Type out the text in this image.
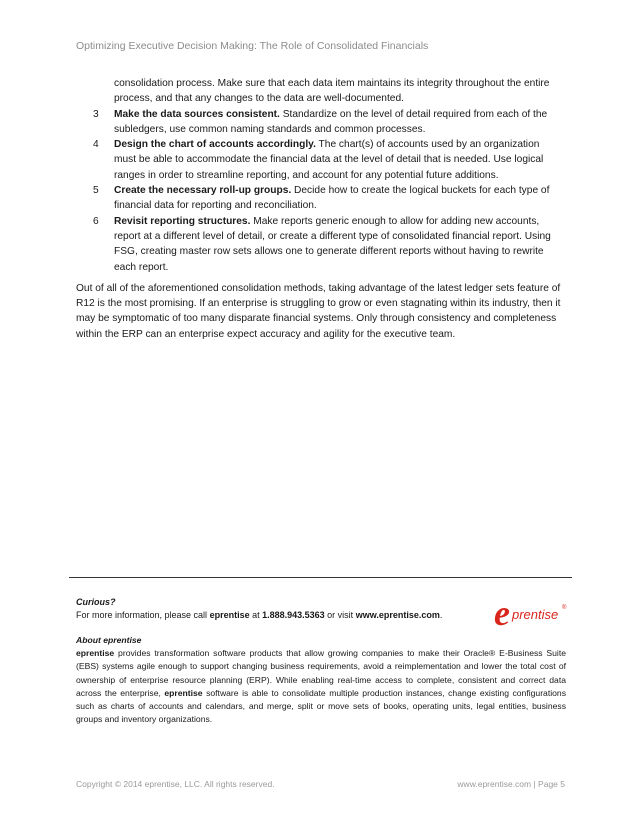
Optimizing Executive Decision Making: The Role of Consolidated Financials
consolidation process. Make sure that each data item maintains its integrity throughout the entire process, and that any changes to the data are well-documented.
3 Make the data sources consistent. Standardize on the level of detail required from each of the subledgers, use common naming standards and common processes.
4 Design the chart of accounts accordingly. The chart(s) of accounts used by an organization must be able to accommodate the financial data at the level of detail that is needed. Use logical ranges in order to streamline reporting, and account for any potential future additions.
5 Create the necessary roll-up groups. Decide how to create the logical buckets for each type of financial data for reporting and reconciliation.
6 Revisit reporting structures. Make reports generic enough to allow for adding new accounts, report at a different level of detail, or create a different type of consolidated financial report. Using FSG, creating master row sets allows one to generate different reports without having to rewrite each report.
Out of all of the aforementioned consolidation methods, taking advantage of the latest ledger sets feature of R12 is the most promising. If an enterprise is struggling to grow or even stagnating within its industry, then it may be symptomatic of too many disparate financial systems. Only through consistency and completeness within the ERP can an enterprise expect accuracy and agility for the executive team.
Curious?
For more information, please call eprentise at 1.888.943.5363 or visit www.eprentise.com.	e prentise ®
About eprentise
eprentise provides transformation software products that allow growing companies to make their Oracle® E-Business Suite (EBS) systems agile enough to support changing business requirements, avoid a reimplementation and lower the total cost of ownership of enterprise resource planning (ERP). While enabling real-time access to complete, consistent and correct data across the enterprise, eprentise software is able to consolidate multiple production instances, change existing configurations such as charts of accounts and calendars, and merge, split or move sets of books, operating units, legal entities, business groups and inventory organizations.
Copyright © 2014 eprentise, LLC. All rights reserved.	www.eprentise.com | Page 5
